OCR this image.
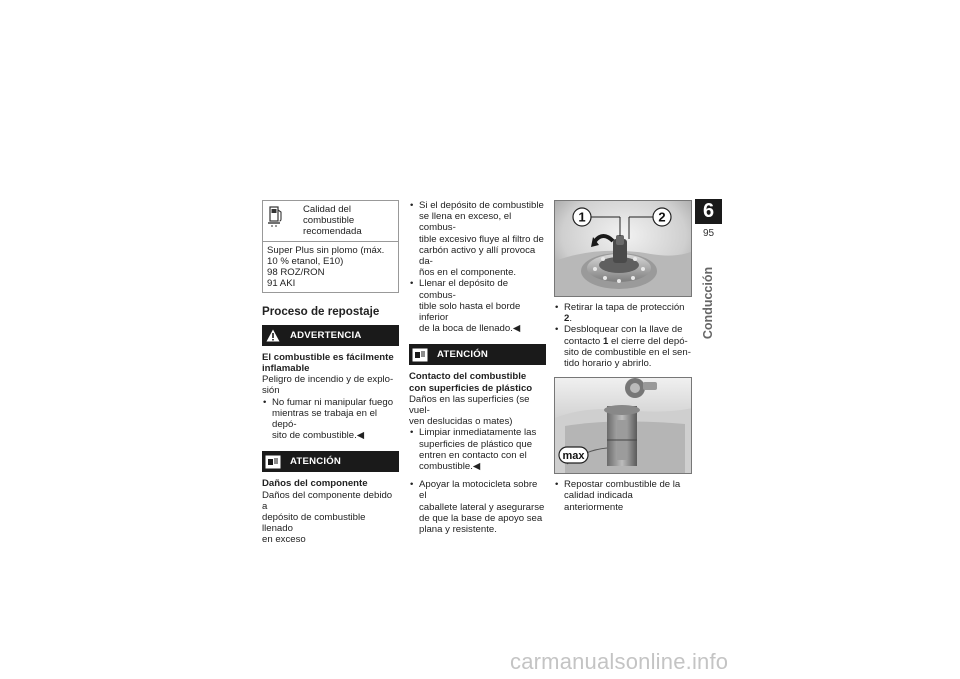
Calidad del combustible
recomendada
Super Plus sin plomo (máx.
10 % etanol, E10)
98 ROZ/RON
91 AKI
Proceso de repostaje
ADVERTENCIA
El combustible es fácilmente
inflamable
Peligro de incendio y de explo-
sión
• No fumar ni manipular fuego
mientras se trabaja en el depó-
sito de combustible.◀
ATENCIÓN
Daños del componente
Daños del componente debido a
depósito de combustible llenado
en exceso
• Si el depósito de combustible
se llena en exceso, el combus-
tible excesivo fluye al filtro de
carbón activo y allí provoca da-
ños en el componente.
• Llenar el depósito de combus-
tible solo hasta el borde inferior
de la boca de llenado.◀
ATENCIÓN
Contacto del combustible
con superficies de plástico
Daños en las superficies (se vuel-
ven deslucidas o mates)
• Limpiar inmediatamente las
superficies de plástico que
entren en contacto con el
combustible.◀
• Apoyar la motocicleta sobre el
caballete lateral y asegurarse
de que la base de apoyo sea
plana y resistente.
1	2
• Retirar la tapa de protección 2.
• Desbloquear con la llave de
contacto 1 el cierre del depó-
sito de combustible en el sen-
tido horario y abrirlo.
max
• Repostar combustible de la
calidad indicada anteriormente
6
95
Conducción
carmanualsonline.info
